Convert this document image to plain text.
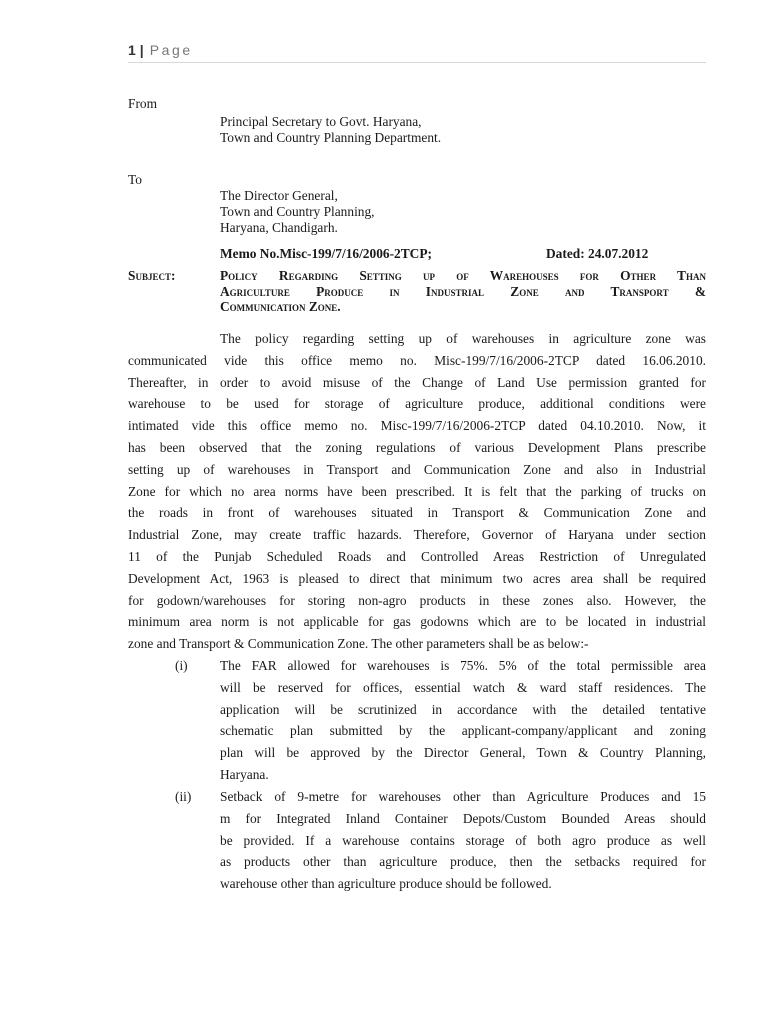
1 | Page
From
Principal Secretary to Govt. Haryana,
Town and Country Planning Department.
To
The Director General,
Town and Country Planning,
Haryana, Chandigarh.
Memo No.Misc-199/7/16/2006-2TCP;	Dated: 24.07.2012
Subject:	Policy Regarding Setting up of Warehouses for Other Than
Agriculture Produce in Industrial Zone and Transport &
Communication Zone.
The policy regarding setting up of warehouses in agriculture zone was
communicated vide this office memo no. Misc-199/7/16/2006-2TCP dated 16.06.2010.
Thereafter, in order to avoid misuse of the Change of Land Use permission granted for
warehouse to be used for storage of agriculture produce, additional conditions were
intimated vide this office memo no. Misc-199/7/16/2006-2TCP dated 04.10.2010. Now, it
has been observed that the zoning regulations of various Development Plans prescribe
setting up of warehouses in Transport and Communication Zone and also in Industrial
Zone for which no area norms have been prescribed. It is felt that the parking of trucks on
the roads in front of warehouses situated in Transport & Communication Zone and
Industrial Zone, may create traffic hazards. Therefore, Governor of Haryana under section
11 of the Punjab Scheduled Roads and Controlled Areas Restriction of Unregulated
Development Act, 1963 is pleased to direct that minimum two acres area shall be required
for godown/warehouses for storing non-agro products in these zones also. However, the
minimum area norm is not applicable for gas godowns which are to be located in industrial
zone and Transport & Communication Zone. The other parameters shall be as below:-
(i) The FAR allowed for warehouses is 75%. 5% of the total permissible area
will be reserved for offices, essential watch & ward staff residences. The
application will be scrutinized in accordance with the detailed tentative
schematic plan submitted by the applicant-company/applicant and zoning
plan will be approved by the Director General, Town & Country Planning,
Haryana.
(ii) Setback of 9-metre for warehouses other than Agriculture Produces and 15
m for Integrated Inland Container Depots/Custom Bounded Areas should
be provided. If a warehouse contains storage of both agro produce as well
as products other than agriculture produce, then the setbacks required for
warehouse other than agriculture produce should be followed.
